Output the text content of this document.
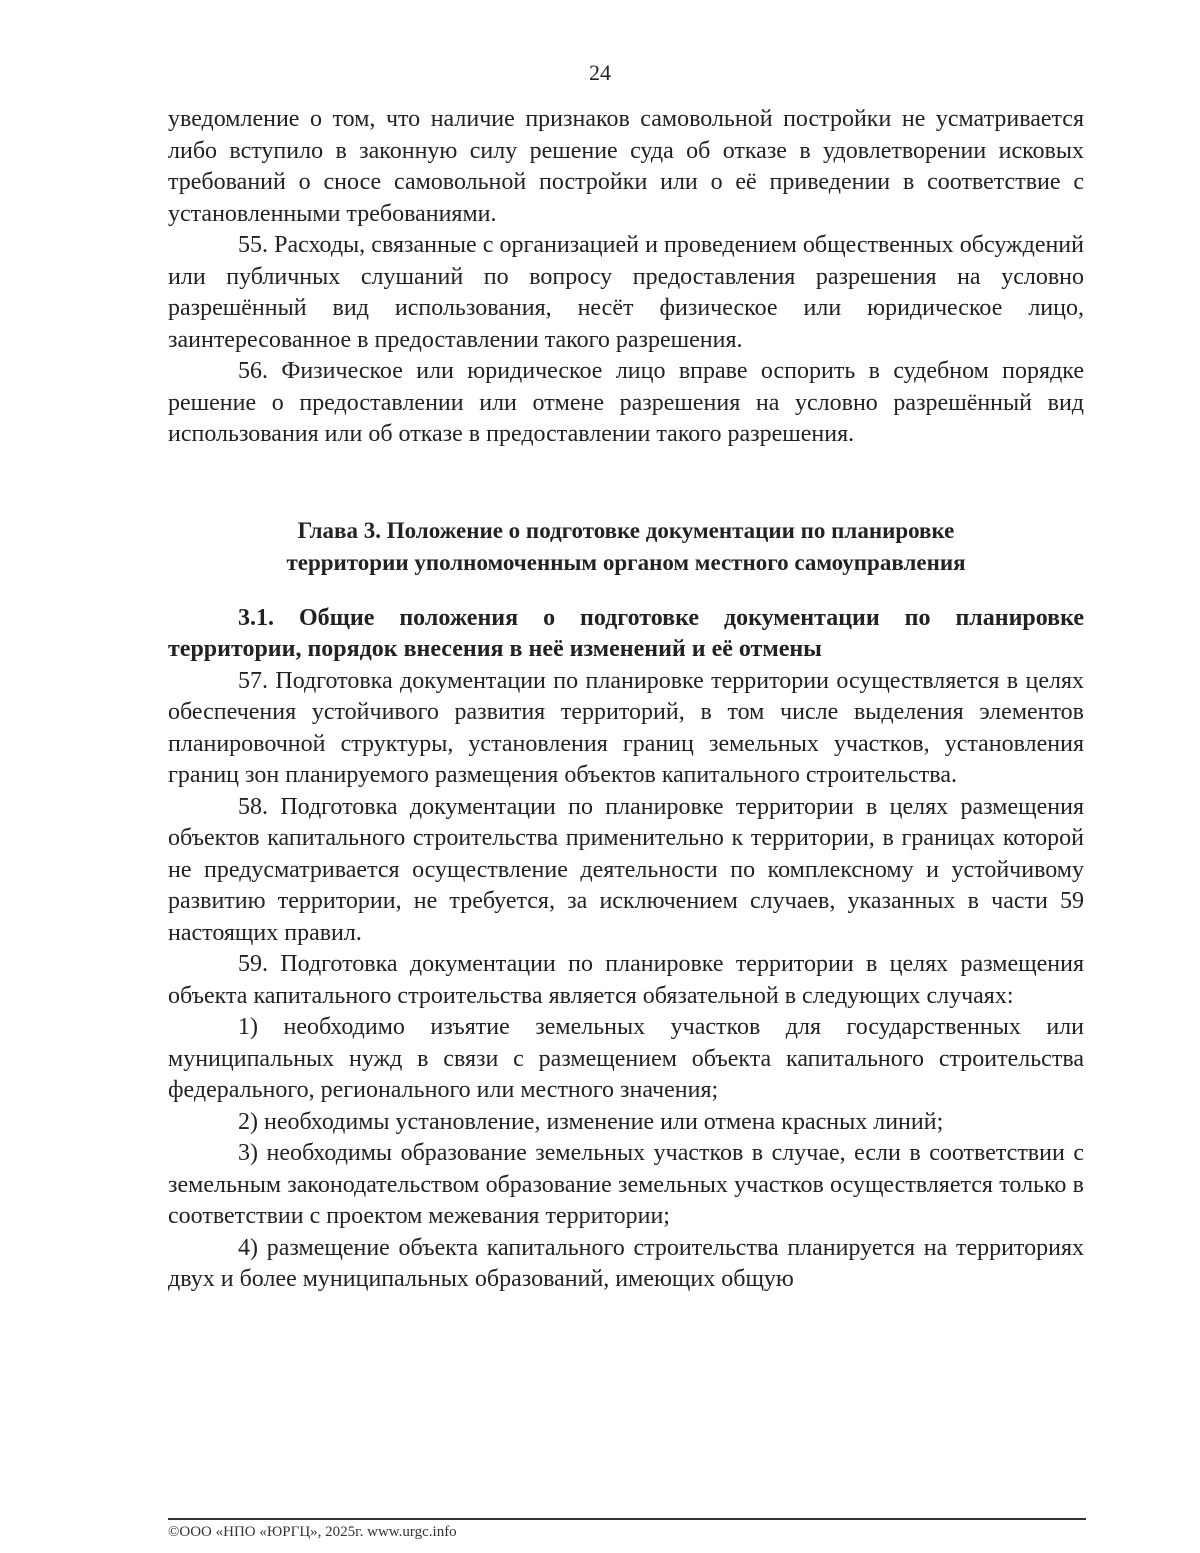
24

уведомление о том, что наличие признаков самовольной постройки не усматривается либо вступило в законную силу решение суда об отказе в удовлетворении исковых требований о сносе самовольной постройки или о её приведении в соответствие с установленными требованиями.

55. Расходы, связанные с организацией и проведением общественных обсуждений или публичных слушаний по вопросу предоставления разрешения на условно разрешённый вид использования, несёт физическое или юридическое лицо, заинтересованное в предоставлении такого разрешения.

56. Физическое или юридическое лицо вправе оспорить в судебном порядке решение о предоставлении или отмене разрешения на условно разрешённый вид использования или об отказе в предоставлении такого разрешения.

Глава 3. Положение о подготовке документации по планировке
территории уполномоченным органом местного самоуправления

3.1. Общие положения о подготовке документации по планировке территории, порядок внесения в неё изменений и её отмены

57. Подготовка документации по планировке территории осуществляется в целях обеспечения устойчивого развития территорий, в том числе выделения элементов планировочной структуры, установления границ земельных участков, установления границ зон планируемого размещения объектов капитального строительства.

58. Подготовка документации по планировке территории в целях размещения объектов капитального строительства применительно к территории, в границах которой не предусматривается осуществление деятельности по комплексному и устойчивому развитию территории, не требуется, за исключением случаев, указанных в части 59 настоящих правил.

59. Подготовка документации по планировке территории в целях размещения объекта капитального строительства является обязательной в следующих случаях:

1) необходимо изъятие земельных участков для государственных или муниципальных нужд в связи с размещением объекта капитального строительства федерального, регионального или местного значения;

2) необходимы установление, изменение или отмена красных линий;

3) необходимы образование земельных участков в случае, если в соответствии с земельным законодательством образование земельных участков осуществляется только в соответствии с проектом межевания территории;

4) размещение объекта капитального строительства планируется на территориях двух и более муниципальных образований, имеющих общую

©ООО «НПО «ЮРГЦ», 2025г. www.urgc.info
